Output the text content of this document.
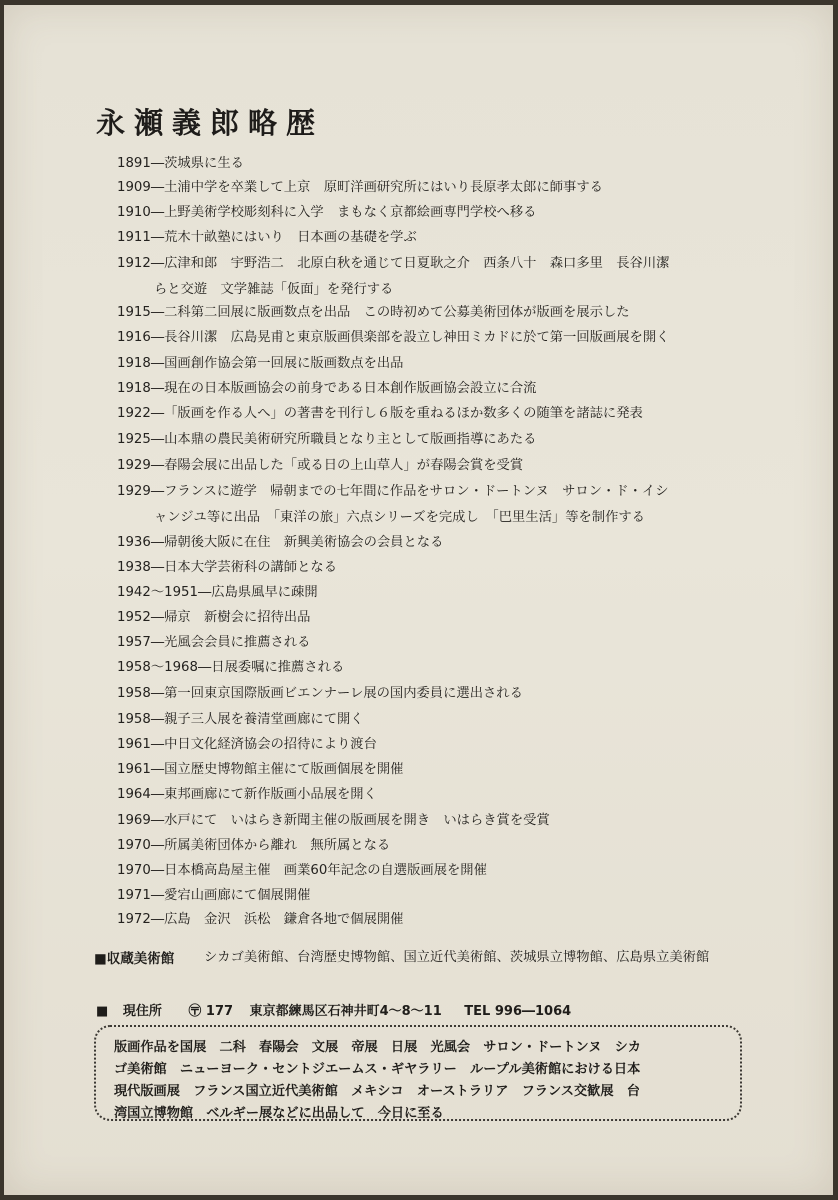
永瀬義郎略歴
1891―茨城県に生る
1909―土浦中学を卒業して上京　原町洋画研究所にはいり長原孝太郎に師事する
1910―上野美術学校彫刻科に入学　まもなく京都絵画専門学校へ移る
1911―荒木十畝塾にはいり　日本画の基礎を学ぶ
1912―広津和郎　宇野浩二　北原白秋を通じて日夏耿之介　西条八十　森口多里　長谷川潔
らと交遊　文学雑誌「仮面」を発行する
1915―二科第二回展に版画数点を出品　この時初めて公募美術団体が版画を展示した
1916―長谷川潔　広島晃甫と東京版画倶楽部を設立し神田ミカドに於て第一回版画展を開く
1918―国画創作協会第一回展に版画数点を出品
1918―現在の日本版画協会の前身である日本創作版画協会設立に合流
1922―「版画を作る人へ」の著書を刊行し６版を重ねるほか数多くの随筆を諸誌に発表
1925―山本鼎の農民美術研究所職員となり主として版画指導にあたる
1929―春陽会展に出品した「或る日の上山草人」が春陽会賞を受賞
1929―フランスに遊学　帰朝までの七年間に作品をサロン・ドートンヌ　サロン・ド・イシ
ャンジユ等に出品　「東洋の旅」六点シリーズを完成し　「巴里生活」等を制作する
1936―帰朝後大阪に在住　新興美術協会の会員となる
1938―日本大学芸術科の講師となる
1942～1951―広島県風早に疎開
1952―帰京　新樹会に招待出品
1957―光風会会員に推薦される
1958～1968―日展委嘱に推薦される
1958―第一回東京国際版画ビエンナーレ展の国内委員に選出される
1958―親子三人展を養清堂画廊にて開く
1961―中日文化経済協会の招待により渡台
1961―国立歴史博物館主催にて版画個展を開催
1964―東邦画廊にて新作版画小品展を開く
1969―水戸にて　いはらき新聞主催の版画展を開き　いはらき賞を受賞
1970―所属美術団体から離れ　無所属となる
1970―日本橋高島屋主催　画業60年記念の自選版画展を開催
1971―愛宕山画廊にて個展開催
1972―広島　金沢　浜松　鎌倉各地で個展開催
■収蔵美術館 シカゴ美術館、台湾歴史博物館、国立近代美術館、茨城県立博物館、広島県立美術館
■ 現住所 〶 177 東京都練馬区石神井町4～8～11 TEL 996―1064
版画作品を国展　二科　春陽会　文展　帝展　日展　光風会　サロン・ドートンヌ　シカ
ゴ美術館　ニューヨーク・セントジエームス・ギヤラリー　ループル美術館における日本
現代版画展　フランス国立近代美術館　メキシコ　オーストラリア　フランス交歓展　台
湾国立博物館　ベルギー展などに出品して　今日に至る
